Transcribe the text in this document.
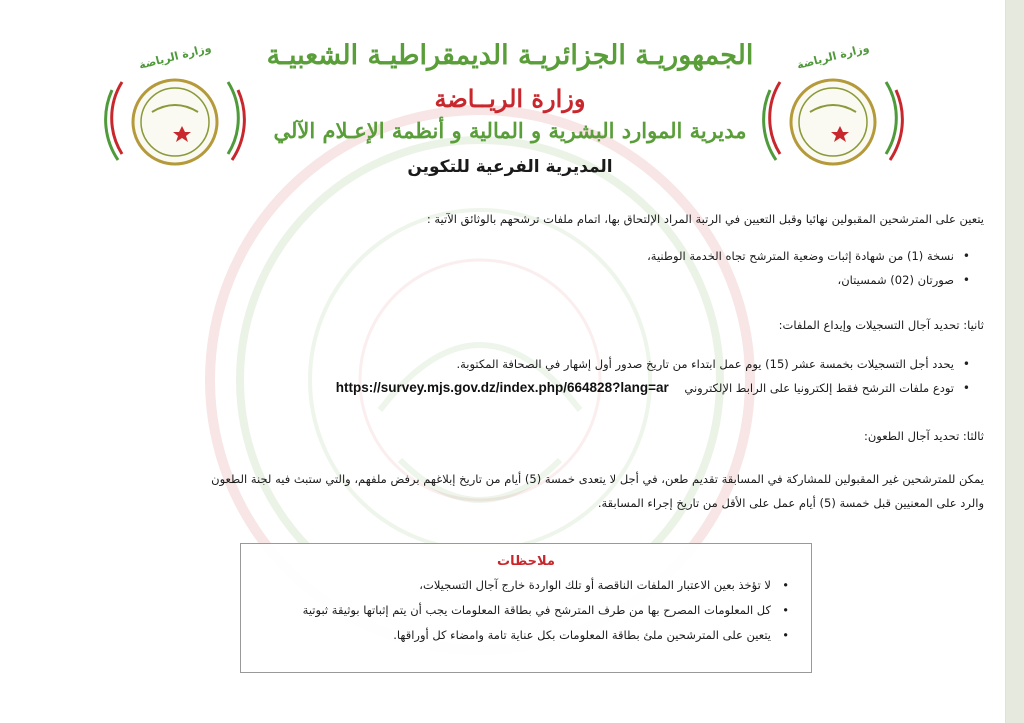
وزارة الرياضة	وزارة الرياضة
الجمهوريـة الجزائريـة الديمقراطيـة الشعبيـة
وزارة الريــاضة
مديرية الموارد البشرية و المالية و أنظمة الإعـلام الآلي
المديرية الفرعية للتكوين
يتعين على المترشحين المقبولين نهائيا وقبل التعيين في الرتبة المراد الإلتحاق بها، اتمام ملفات ترشحهم بالوثائق الآتية :
• نسخة (1) من شهادة إثبات وضعية المترشح تجاه الخدمة الوطنية،
• صورتان (02) شمسيتان،
ثانيا: تحديد آجال التسجيلات وإيداع الملفات:
• يحدد أجل التسجيلات بخمسة عشر (15) يوم عمل ابتداء من تاريخ صدور أول إشهار في الصحافة المكتوبة.
• تودع ملفات الترشح فقط إلكترونيا على الرابط الإلكتروني https://survey.mjs.gov.dz/index.php/664828?lang=ar
ثالثا: تحديد آجال الطعون:
يمكن للمترشحين غير المقبولين للمشاركة في المسابقة تقديم طعن، في أجل لا يتعدى خمسة (5) أيام من تاريخ إبلاغهم برفض ملفهم، والتي ستبث فيه لجنة الطعون
والرد على المعنيين قبل خمسة (5) أيام عمل على الأقل من تاريخ إجراء المسابقة.
ملاحظات
• لا تؤخذ بعين الاعتبار الملفات الناقصة أو تلك الواردة خارج آجال التسجيلات،
• كل المعلومات المصرح بها من طرف المترشح في بطاقة المعلومات يجب أن يتم إثباتها بوثيقة ثبوتية
• يتعين على المترشحين ملئ بطاقة المعلومات بكل عناية تامة وامضاء كل أوراقها.
